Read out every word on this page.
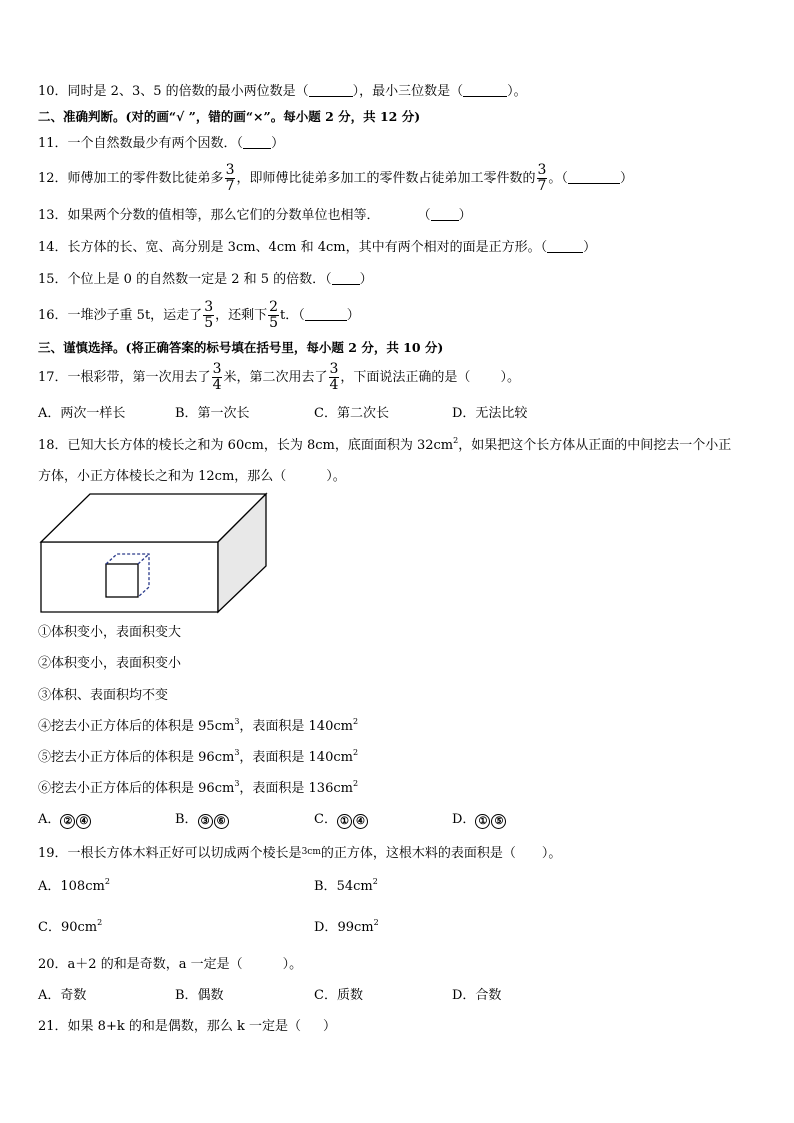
10．同时是 2、3、5 的倍数的最小两位数是（	），最小三位数是（	）。
二、准确判断。(对的画“√ ”，错的画“×”。每小题 2 分，共 12 分)
11．一个自然数最少有两个因数．（ ）
12．师傅加工的零件数比徒弟多 $\frac{3}{7}$ ，即师傅比徒弟多加工的零件数占徒弟加工零件数的 $\frac{3}{7}$ 。（	）
13．如果两个分数的值相等，那么它们的分数单位也相等．	（ ）
14．长方体的长、宽、高分别是 3cm、4cm 和 4cm，其中有两个相对的面是正方形。（	）
15．个位上是 0 的自然数一定是 2 和 5 的倍数．（ ）
16．一堆沙子重 5t，运走了 $\frac{3}{5}$ ，还剩下 $\frac{2}{5}$ t．（	）
三、谨慎选择。(将正确答案的标号填在括号里，每小题 2 分，共 10 分)
17．一根彩带，第一次用去了 $\frac{3}{4}$ 米，第二次用去了 $\frac{3}{4}$ ，下面说法正确的是（ ）。
A．两次一样长	B．第一次长	C．第二次长	D．无法比较
18．已知大长方体的棱长之和为 60cm，长为 8cm，底面面积为 $32cm^2$，如果把这个长方体从正面的中间挖去一个小正
方体，小正方体棱长之和为 12cm，那么（	）。
①体积变小，表面积变大
②体积变小，表面积变小
③体积、表面积均不变
④挖去小正方体后的体积是 $95cm^3$，表面积是 $140cm^2$
⑤挖去小正方体后的体积是 $96cm^3$，表面积是 $140cm^2$
⑥挖去小正方体后的体积是 $96cm^3$，表面积是 $136cm^2$
A． ② ④	B． ③ ⑥	C． ① ④	D． ① ⑤
19．一根长方体木料正好可以切成两个棱长是$^{3cm}$的正方体，这根木料的表面积是（ ）。
A．$108cm^2$	B．$54cm^2$
C．$90cm^2$	D．$99cm^2$
20．a＋2 的和是奇数，a 一定是（	）。
A．奇数	B．偶数	C．质数	D．合数
21．如果 8+k 的和是偶数，那么 k 一定是（ ）
